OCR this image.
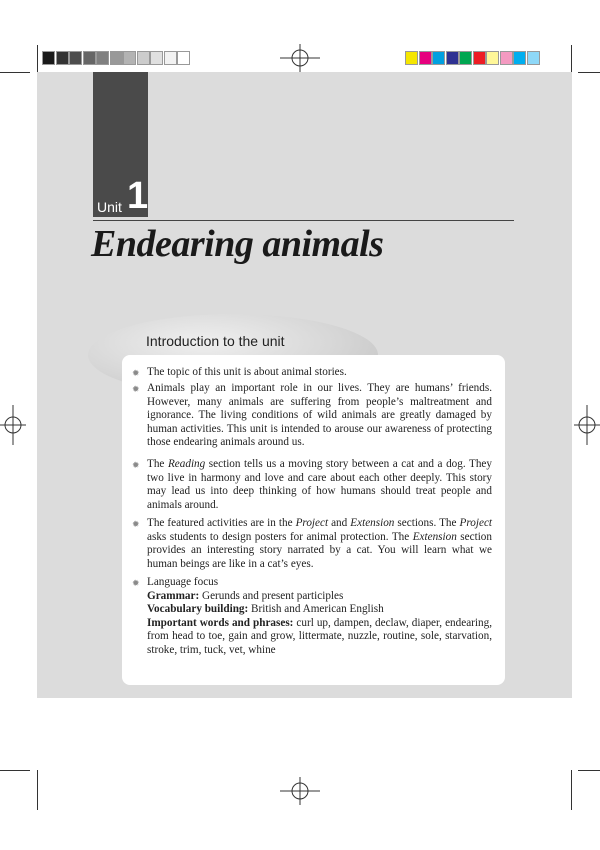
Unit 1
Endearing animals
Introduction to the unit
✹ The topic of this unit is about animal stories.

✹ Animals play an important role in our lives. They are humans’ friends. However, many animals are suffering from people’s maltreatment and ignorance. The living conditions of wild animals are greatly damaged by human activities. This unit is intended to arouse our awareness of protecting those endearing animals around us.

✹ The Reading section tells us a moving story between a cat and a dog. They two live in harmony and love and care about each other deeply. This story may lead us into deep thinking of how humans should treat people and animals around.

✹ The featured activities are in the Project and Extension sections. The Project asks students to design posters for animal protection. The Extension section provides an interesting story narrated by a cat. You will learn what we human beings are like in a cat’s eyes.

✹ Language focus

Grammar: Gerunds and present participles

Vocabulary building: British and American English

Important words and phrases: curl up, dampen, declaw, diaper, endearing, from head to toe, gain and grow, littermate, nuzzle, routine, sole, starvation, stroke, trim, tuck, vet, whine
